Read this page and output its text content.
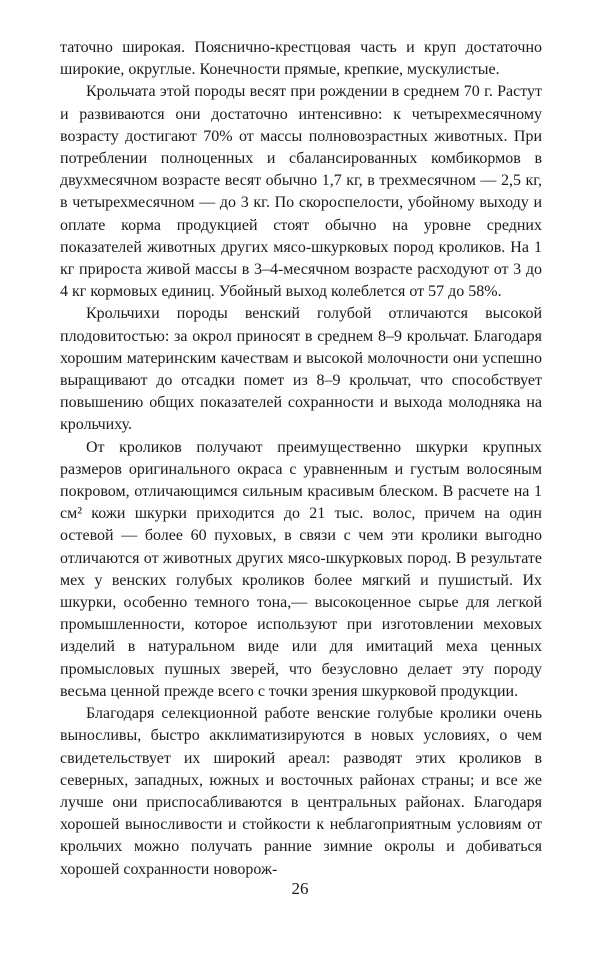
таточно широкая. Пояснично-крестцовая часть и круп достаточно широкие, округлые. Конечности прямые, крепкие, мускулистые.

Крольчата этой породы весят при рождении в среднем 70 г. Растут и развиваются они достаточно интенсивно: к четырехмесячному возрасту достигают 70% от массы полновозрастных животных. При потреблении полноценных и сбалансированных комбикормов в двухмесячном возрасте весят обычно 1,7 кг, в трехмесячном — 2,5 кг, в четырехмесячном — до 3 кг. По скороспелости, убойному выходу и оплате корма продукцией стоят обычно на уровне средних показателей животных других мясо-шкурковых пород кроликов. На 1 кг прироста живой массы в 3–4-месячном возрасте расходуют от 3 до 4 кг кормовых единиц. Убойный выход колеблется от 57 до 58%.

Крольчихи породы венский голубой отличаются высокой плодовитостью: за окрол приносят в среднем 8–9 крольчат. Благодаря хорошим материнским качествам и высокой молочности они успешно выращивают до отсадки помет из 8–9 крольчат, что способствует повышению общих показателей сохранности и выхода молодняка на крольчиху.

От кроликов получают преимущественно шкурки крупных размеров оригинального окраса с уравненным и густым волосяным покровом, отличающимся сильным красивым блеском. В расчете на 1 см² кожи шкурки приходится до 21 тыс. волос, причем на один остевой — более 60 пуховых, в связи с чем эти кролики выгодно отличаются от животных других мясо-шкурковых пород. В результате мех у венских голубых кроликов более мягкий и пушистый. Их шкурки, особенно темного тона,— высокоценное сырье для легкой промышленности, которое используют при изготовлении меховых изделий в натуральном виде или для имитаций меха ценных промысловых пушных зверей, что безусловно делает эту породу весьма ценной прежде всего с точки зрения шкурковой продукции.

Благодаря селекционной работе венские голубые кролики очень выносливы, быстро акклиматизируются в новых условиях, о чем свидетельствует их широкий ареал: разводят этих кроликов в северных, западных, южных и восточных районах страны; и все же лучше они приспосабливаются в центральных районах. Благодаря хорошей выносливости и стойкости к неблагоприятным условиям от крольчих можно получать ранние зимние окролы и добиваться хорошей сохранности новорож-

26
